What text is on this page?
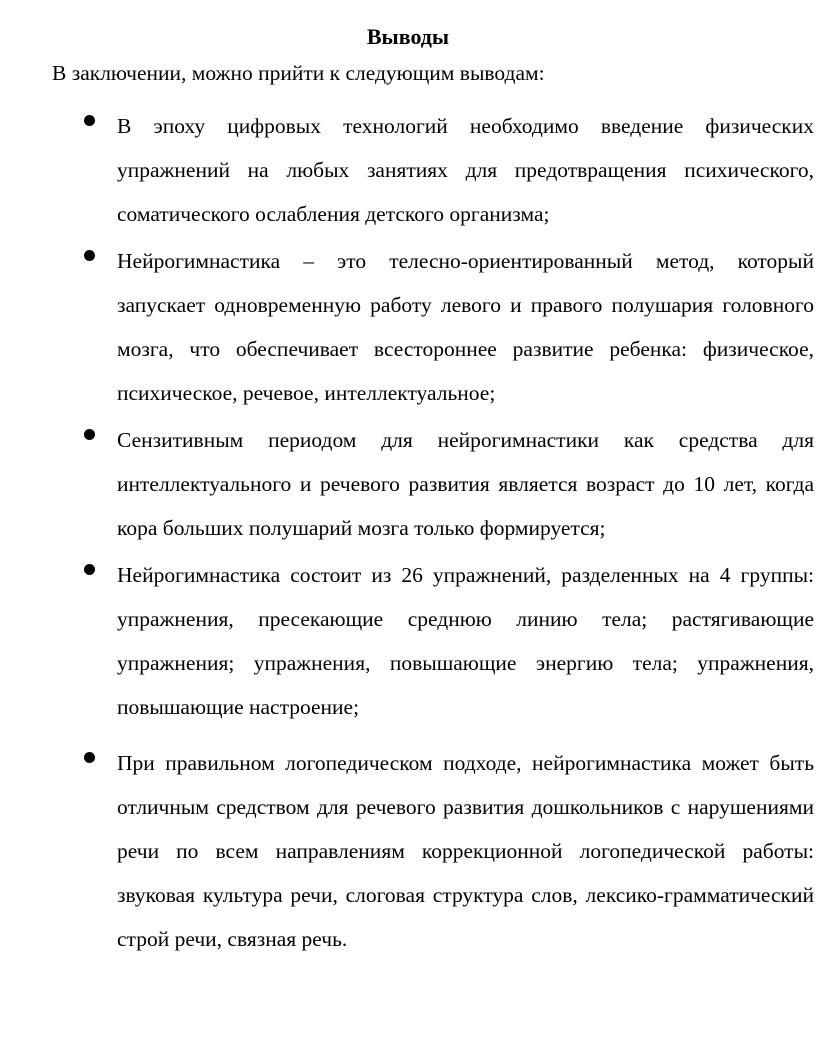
Выводы
В заключении, можно прийти к следующим выводам:
В эпоху цифровых технологий необходимо введение физических упражнений на любых занятиях для предотвращения психического, соматического ослабления детского организма;
Нейрогимнастика – это телесно-ориентированный метод, который запускает одновременную работу левого и правого полушария головного мозга, что обеспечивает всестороннее развитие ребенка: физическое, психическое, речевое, интеллектуальное;
Сензитивным периодом для нейрогимнастики как средства для интеллектуального и речевого развития является возраст до 10 лет, когда кора больших полушарий мозга только формируется;
Нейрогимнастика состоит из 26 упражнений, разделенных на 4 группы: упражнения, пресекающие среднюю линию тела; растягивающие упражнения; упражнения, повышающие энергию тела; упражнения, повышающие настроение;
При правильном логопедическом подходе, нейрогимнастика может быть отличным средством для речевого развития дошкольников с нарушениями речи по всем направлениям коррекционной логопедической работы: звуковая культура речи, слоговая структура слов, лексико-грамматический строй речи, связная речь.
